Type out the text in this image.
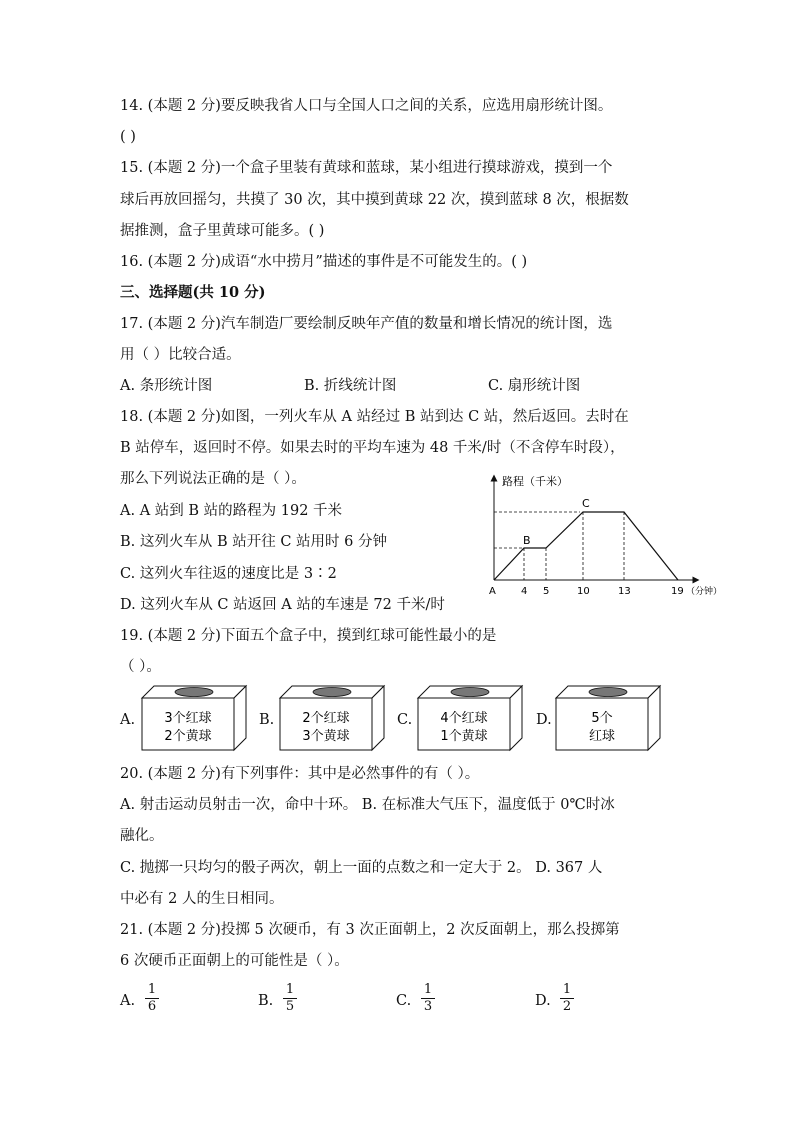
14. (本题 2 分)要反映我省人口与全国人口之间的关系，应选用扇形统计图。
( )
15. (本题 2 分)一个盒子里装有黄球和蓝球，某小组进行摸球游戏，摸到一个
球后再放回摇匀，共摸了 30 次，其中摸到黄球 22 次，摸到蓝球 8 次，根据数
据推测，盒子里黄球可能多。( )
16. (本题 2 分)成语“水中捞月”描述的事件是不可能发生的。( )
三、选择题(共 10 分)
17. (本题 2 分)汽车制造厂要绘制反映年产值的数量和增长情况的统计图，选
用（ ）比较合适。
A. 条形统计图	B. 折线统计图	C. 扇形统计图
18. (本题 2 分)如图，一列火车从 A 站经过 B 站到达 C 站，然后返回。去时在
B 站停车，返回时不停。如果去时的平均车速为 48 千米/时（不含停车时段），
那么下列说法正确的是（ ）。
A. A 站到 B 站的路程为 192 千米
B. 这列火车从 B 站开往 C 站用时 6 分钟
C. 这列火车往返的速度比是 3∶2
D. 这列火车从 C 站返回 A 站的车速是 72 千米/时
路程（千米）
B
C
A	4 5	10	13	19 （分钟）
19. (本题 2 分)下面五个盒子中，摸到红球可能性最小的是
（ ）。
A.	B.	C.	D.
3个红球
2个黄球
2个红球
3个黄球
4个红球
1个黄球
5个
红球
20. (本题 2 分)有下列事件：其中是必然事件的有（ ）。
A. 射击运动员射击一次，命中十环。 B. 在标准大气压下，温度低于 0℃时冰
融化。
C. 抛掷一只均匀的骰子两次，朝上一面的点数之和一定大于 2。 D. 367 人
中必有 2 人的生日相同。
21. (本题 2 分)投掷 5 次硬币，有 3 次正面朝上，2 次反面朝上，那么投掷第
6 次硬币正面朝上的可能性是（ ）。
A.
1
6	B.
1
5	C.
1
3	D.
1
2
